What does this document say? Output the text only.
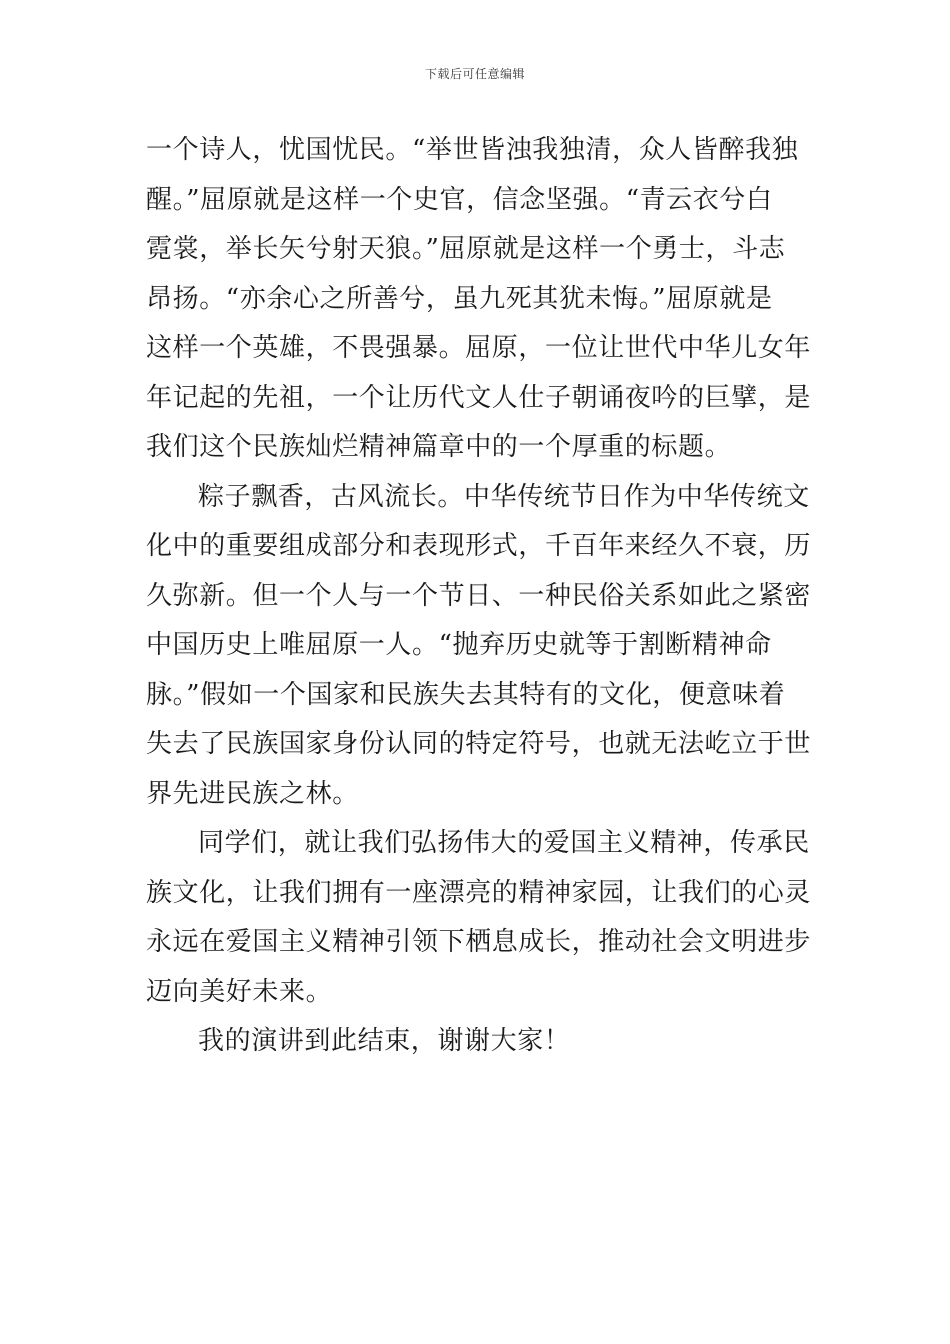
下载后可任意编辑
一个诗人，忧国忧民。“举世皆浊我独清，众人皆醉我独
醒。”屈原就是这样一个史官，信念坚强。“青云衣兮白
霓裳，举长矢兮射天狼。”屈原就是这样一个勇士，斗志
昂扬。“亦余心之所善兮，虽九死其犹未悔。”屈原就是
这样一个英雄，不畏强暴。屈原，一位让世代中华儿女年
年记起的先祖，一个让历代文人仕子朝诵夜吟的巨擘，是
我们这个民族灿烂精神篇章中的一个厚重的标题。
粽子飘香，古风流长。中华传统节日作为中华传统文
化中的重要组成部分和表现形式，千百年来经久不衰，历
久弥新。但一个人与一个节日、一种民俗关系如此之紧密
中国历史上唯屈原一人。“抛弃历史就等于割断精神命
脉。”假如一个国家和民族失去其特有的文化，便意味着
失去了民族国家身份认同的特定符号，也就无法屹立于世
界先进民族之林。
同学们，就让我们弘扬伟大的爱国主义精神，传承民
族文化，让我们拥有一座漂亮的精神家园，让我们的心灵
永远在爱国主义精神引领下栖息成长，推动社会文明进步
迈向美好未来。
我的演讲到此结束，谢谢大家！
